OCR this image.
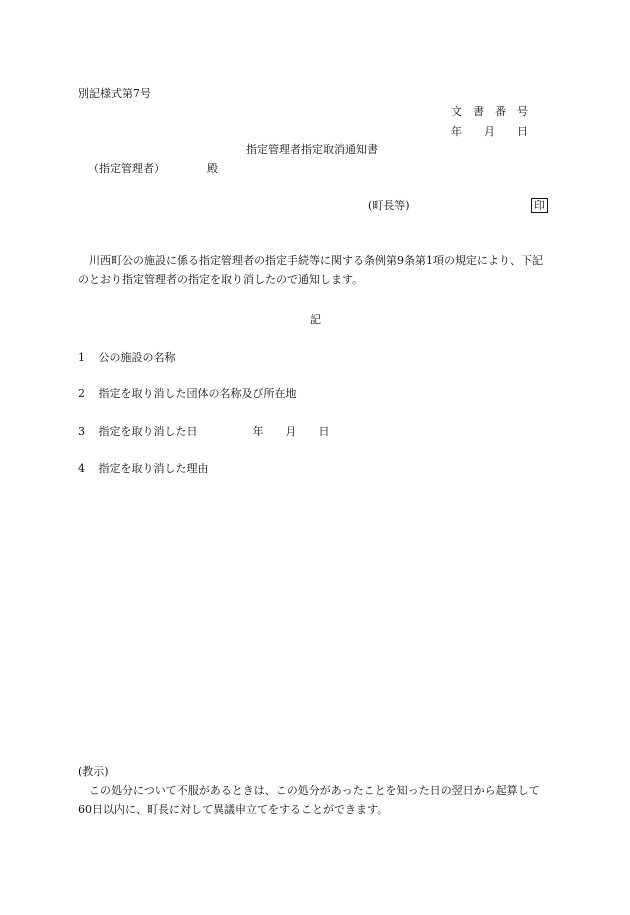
別記様式第7号
文　書　番　号
年　　月　　日
指定管理者指定取消通知書
（指定管理者）	殿
(町長等)	印
　川西町公の施設に係る指定管理者の指定手続等に関する条例第9条第1項の規定により、下記のとおり指定管理者の指定を取り消したので通知します。
記
1 公の施設の名称
2 指定を取り消した団体の名称及び所在地
3 指定を取り消した日　　　　　年　　月　　日
4 指定を取り消した理由
(教示)
　この処分について不服があるときは、この処分があったことを知った日の翌日から起算して60日以内に、町長に対して異議申立てをすることができます。
